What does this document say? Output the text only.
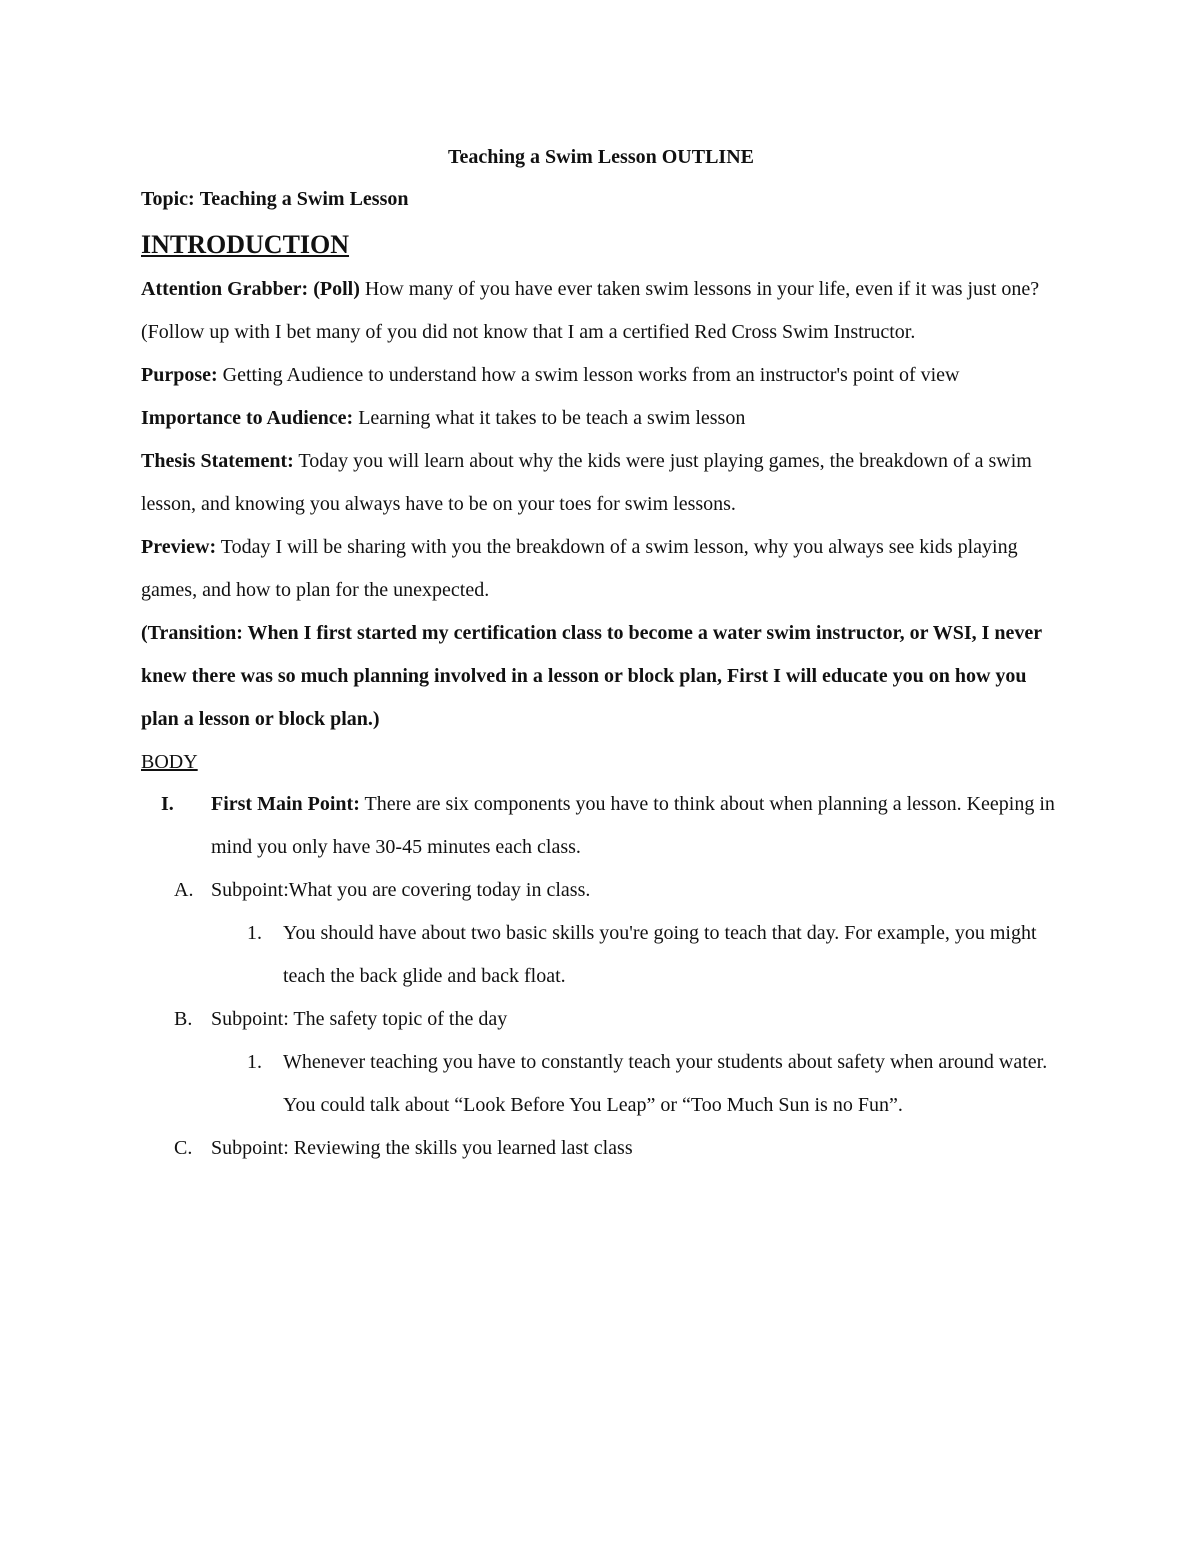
Teaching a Swim Lesson OUTLINE

Topic: Teaching a Swim Lesson

INTRODUCTION

Attention Grabber: (Poll) How many of you have ever taken swim lessons in your life, even if it was just one? (Follow up with I bet many of you did not know that I am a certified Red Cross Swim Instructor.

Purpose: Getting Audience to understand how a swim lesson works from an instructor's point of view

Importance to Audience: Learning what it takes to be teach a swim lesson

Thesis Statement: Today you will learn about why the kids were just playing games, the breakdown of a swim lesson, and knowing you always have to be on your toes for swim lessons.

Preview: Today I will be sharing with you the breakdown of a swim lesson, why you always see kids playing games, and how to plan for the unexpected.

(Transition: When I first started my certification class to become a water swim instructor, or WSI, I never knew there was so much planning involved in a lesson or block plan, First I will educate you on how you plan a lesson or block plan.)

BODY

I.	First Main Point: There are six components you have to think about when planning a lesson. Keeping in mind you only have 30-45 minutes each class.
A. Subpoint:What you are covering today in class.
1.	You should have about two basic skills you're going to teach that day. For example, you might teach the back glide and back float.
B. Subpoint: The safety topic of the day
1.	Whenever teaching you have to constantly teach your students about safety when around water. You could talk about “Look Before You Leap” or “Too Much Sun is no Fun”.
C. Subpoint: Reviewing the skills you learned last class
